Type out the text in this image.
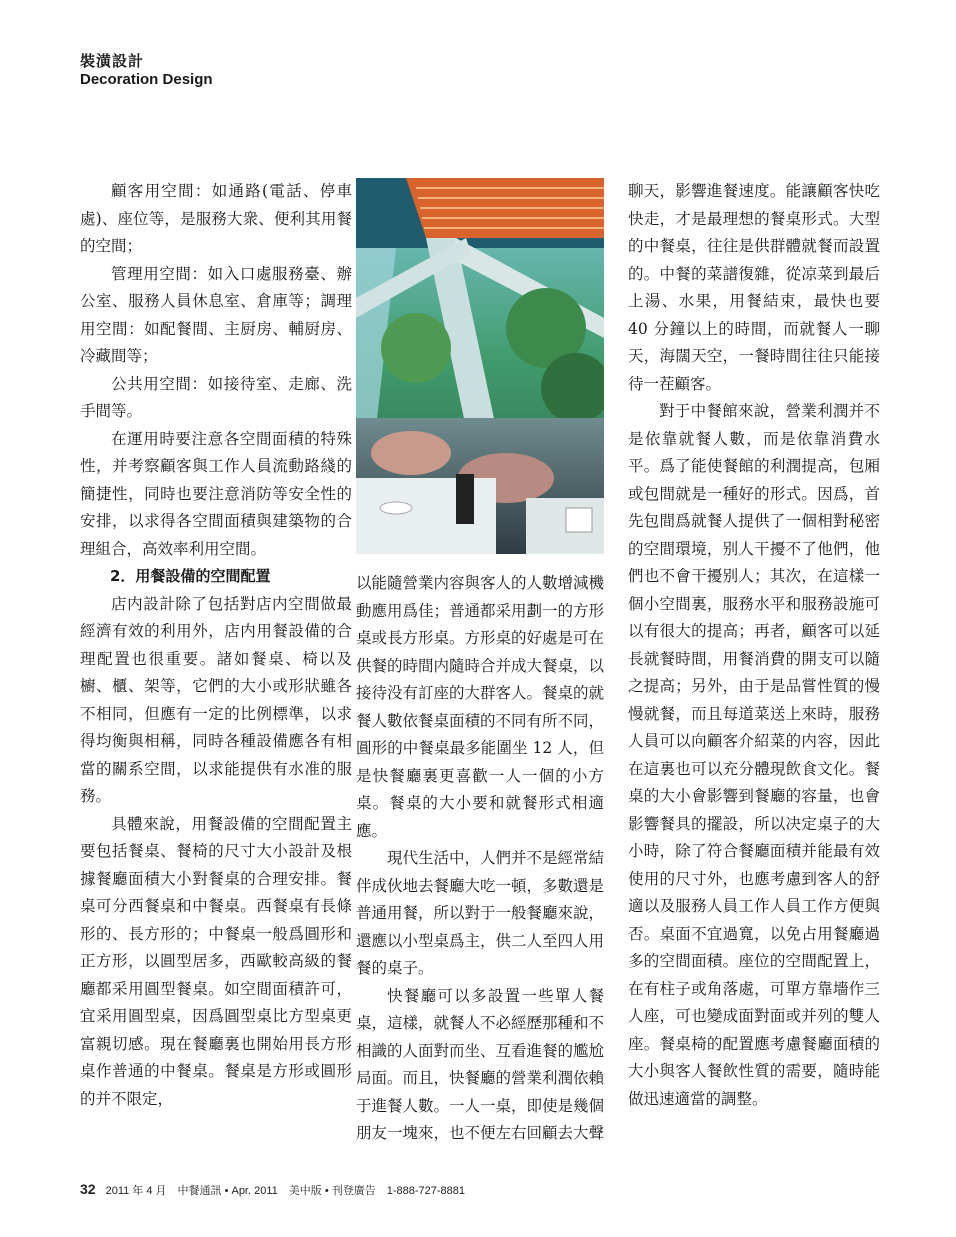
裝潢設計
Decoration Design

顧客用空間：如通路(電話、停車處)、座位等，是服務大衆、便利其用餐的空間；

管理用空間：如入口處服務臺、辦公室、服務人員休息室、倉庫等；調理用空間：如配餐間、主厨房、輔厨房、冷藏間等；

公共用空間：如接待室、走廊、洗手間等。

在運用時要注意各空間面積的特殊性，并考察顧客與工作人員流動路綫的簡捷性，同時也要注意消防等安全性的安排，以求得各空間面積與建築物的合理組合，高效率利用空間。

2．用餐設備的空間配置

店内設計除了包括對店内空間做最經濟有效的利用外，店内用餐設備的合理配置也很重要。諸如餐桌、椅以及櫥、櫃、架等，它們的大小或形狀雖各不相同，但應有一定的比例標準，以求得均衡與相稱，同時各種設備應各有相當的關系空間，以求能提供有水准的服務。

具體來說，用餐設備的空間配置主要包括餐桌、餐椅的尺寸大小設計及根據餐廳面積大小對餐桌的合理安排。餐桌可分西餐桌和中餐桌。西餐桌有長條形的、長方形的；中餐桌一般爲圓形和正方形，以圓型居多，西歐較高級的餐廳都采用圓型餐桌。如空間面積許可，宜采用圓型桌，因爲圓型桌比方型桌更富親切感。現在餐廳裏也開始用長方形桌作普通的中餐桌。餐桌是方形或圓形的并不限定，

以能隨營業内容與客人的人數增減機動應用爲佳；普通都采用劃一的方形桌或長方形桌。方形桌的好處是可在供餐的時間内隨時合并成大餐桌，以接待没有訂座的大群客人。餐桌的就餐人數依餐桌面積的不同有所不同，圓形的中餐桌最多能圍坐 12 人，但是快餐廳裏更喜歡一人一個的小方桌。餐桌的大小要和就餐形式相適應。

現代生活中，人們并不是經常結伴成伙地去餐廳大吃一頓，多數還是普通用餐，所以對于一般餐廳來說，還應以小型桌爲主，供二人至四人用餐的桌子。

快餐廳可以多設置一些單人餐桌，這樣，就餐人不必經歷那種和不相識的人面對而坐、互看進餐的尷尬局面。而且，快餐廳的營業利潤依賴于進餐人數。一人一桌，即使是幾個朋友一塊來，也不便左右回顧去大聲

聊天，影響進餐速度。能讓顧客快吃快走，才是最理想的餐桌形式。大型的中餐桌，往往是供群體就餐而設置的。中餐的菜譜復雜，從凉菜到最后上湯、水果，用餐結束，最快也要 40 分鐘以上的時間，而就餐人一聊天，海闊天空，一餐時間往往只能接待一茬顧客。

對于中餐館來說，營業利潤并不是依靠就餐人數，而是依靠消費水平。爲了能使餐館的利潤提高，包厢或包間就是一種好的形式。因爲，首先包間爲就餐人提供了一個相對秘密的空間環境，别人干擾不了他們，他們也不會干擾别人；其次，在這樣一個小空間裏，服務水平和服務設施可以有很大的提高；再者，顧客可以延長就餐時間，用餐消費的開支可以隨之提高；另外，由于是品嘗性質的慢慢就餐，而且每道菜送上來時，服務人員可以向顧客介紹菜的内容，因此在這裏也可以充分體現飲食文化。餐桌的大小會影響到餐廳的容量，也會影響餐具的擺設，所以决定桌子的大小時，除了符合餐廳面積并能最有效使用的尺寸外，也應考慮到客人的舒適以及服務人員工作人員工作方便與否。桌面不宜過寬，以免占用餐廳過多的空間面積。座位的空間配置上，在有柱子或角落處，可單方靠墻作三人座，可也變成面對面或并列的雙人座。餐桌椅的配置應考慮餐廳面積的大小與客人餐飲性質的需要，隨時能做迅速適當的調整。

32 2011 年 4 月　中餐通訊 • Apr. 2011　美中版 • 刊登廣告　1-888-727-8881
